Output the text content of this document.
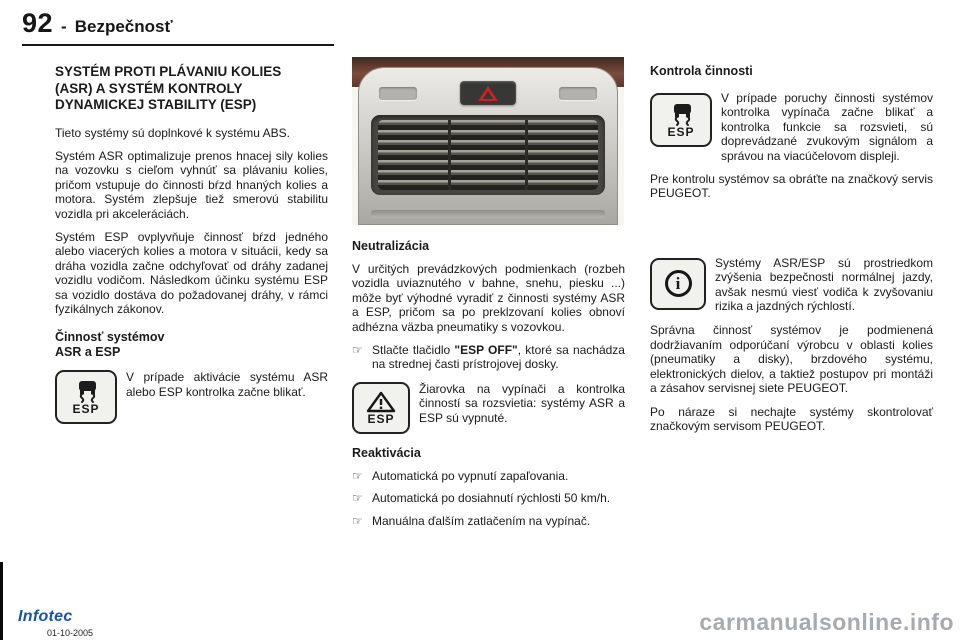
92 - Bezpečnosť
SYSTÉM PROTI PLÁVANIU KOLIES (ASR) A SYSTÉM KONTROLY DYNAMICKEJ STABILITY (ESP)

Tieto systémy sú doplnkové k systému ABS.

Systém ASR optimalizuje prenos hnacej sily kolies na vozovku s cieľom vyhnúť sa plávaniu kolies, pričom vstupuje do činnosti bŕzd hnaných kolies a motora. Systém zlepšuje tiež smerovú stabilitu vozidla pri akceleráciách.

Systém ESP ovplyvňuje činnosť bŕzd jedného alebo viacerých kolies a motora v situácii, kedy sa dráha vozidla začne odchyľovať od dráhy zadanej vozidlu vodičom. Následkom účinku systému ESP sa vozidlo dostáva do požadovanej dráhy, v rámci fyzikálnych zákonov.

Činnosť systémov
ASR a ESP
ESP
V prípade aktivácie systému ASR alebo ESP kontrolka začne blikať.
Neutralizácia

V určitých prevádzkových podmienkach (rozbeh vozidla uviaznutého v bahne, snehu, piesku ...) môže byť výhodné vyradiť z činnosti systémy ASR a ESP, pričom sa po preklzovaní kolies obnoví adhézna väzba pneumatiky s vozovkou.

☞ Stlačte tlačidlo "ESP OFF", ktoré sa nachádza na strednej časti prístrojovej dosky.
ESP
Žiarovka na vypínači a kontrolka činností sa rozsvietia: systémy ASR a ESP sú vypnuté.
Reaktivácia
☞ Automatická po vypnutí zapaľovania.
☞ Automatická po dosiahnutí rýchlosti 50 km/h.
☞ Manuálna ďalším zatlačením na vypínač.
Kontrola činnosti
ESP

V prípade poruchy činnosti systémov kontrolka vypínača začne blikať a kontrolka funkcie sa rozsvieti, sú doprevádzané zvukovým signálom a správou na viacúčelovom displeji.

Pre kontrolu systémov sa obráťte na značkový servis PEUGEOT.

i

Systémy ASR/ESP sú prostriedkom zvýšenia bezpečnosti normálnej jazdy, avšak nesmú viesť vodiča k zvyšovaniu rizika a jazdných rýchlostí.

Správna činnosť systémov je podmienená dodržiavaním odporúčaní výrobcu v oblasti kolies (pneumatiky a disky), brzdového systému, elektronických dielov, a taktiež postupov pri montáži a zásahov servisnej siete PEUGEOT.

Po náraze si nechajte systémy skontrolovať značkovým servisom PEUGEOT.

Infotec
01-10-2005	carmanualsonline.info
